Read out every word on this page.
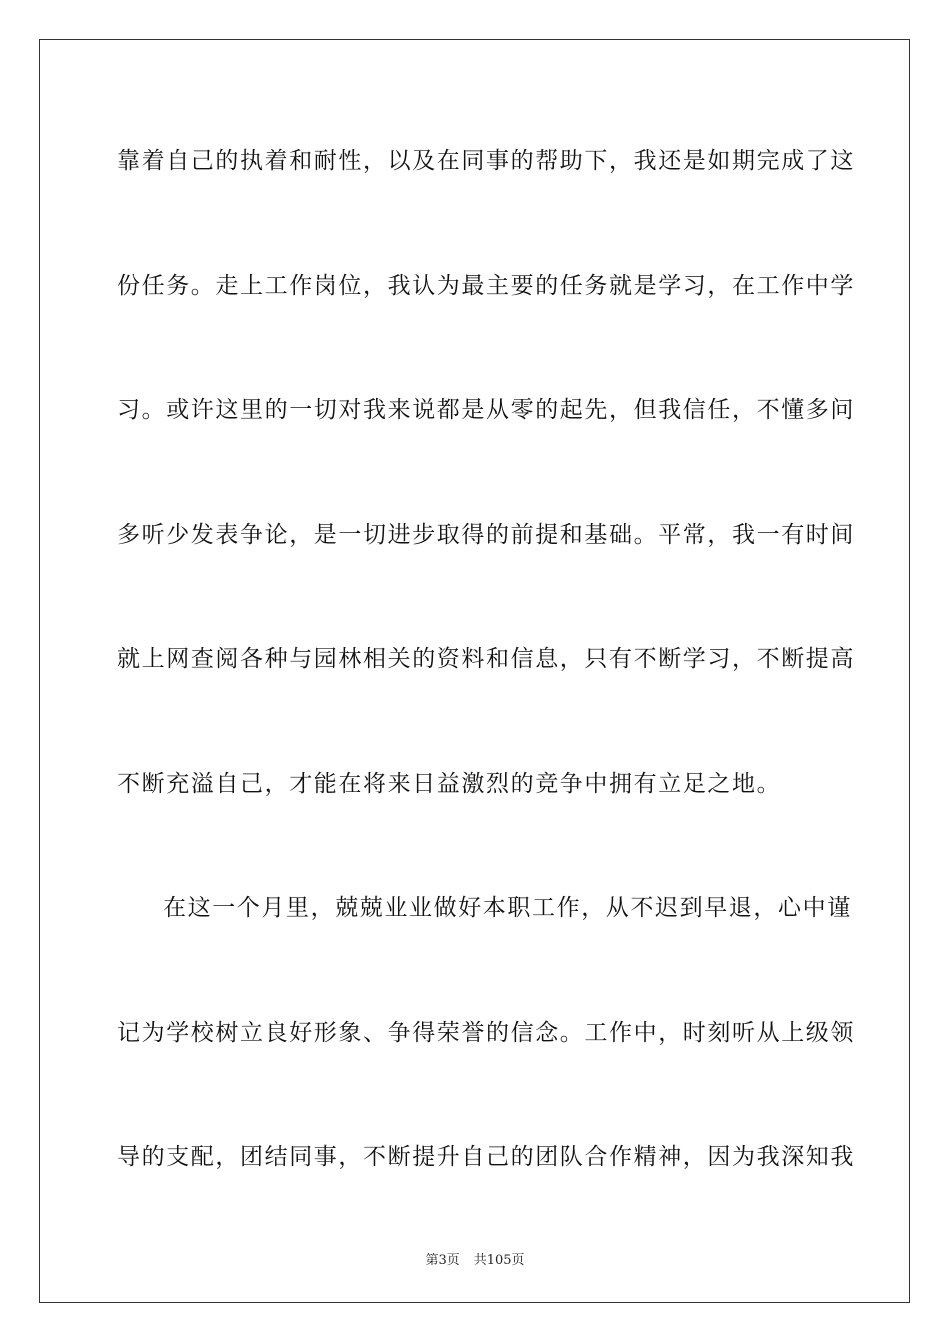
靠着自己的执着和耐性，以及在同事的帮助下，我还是如期完成了这
份任务。走上工作岗位，我认为最主要的任务就是学习，在工作中学
习。或许这里的一切对我来说都是从零的起先，但我信任，不懂多问
多听少发表争论，是一切进步取得的前提和基础。平常，我一有时间
就上网查阅各种与园林相关的资料和信息，只有不断学习，不断提高
不断充溢自己，才能在将来日益激烈的竞争中拥有立足之地。
在这一个月里，兢兢业业做好本职工作，从不迟到早退，心中谨
记为学校树立良好形象、争得荣誉的信念。工作中，时刻听从上级领
导的支配，团结同事，不断提升自己的团队合作精神，因为我深知我
第3页 共105页
